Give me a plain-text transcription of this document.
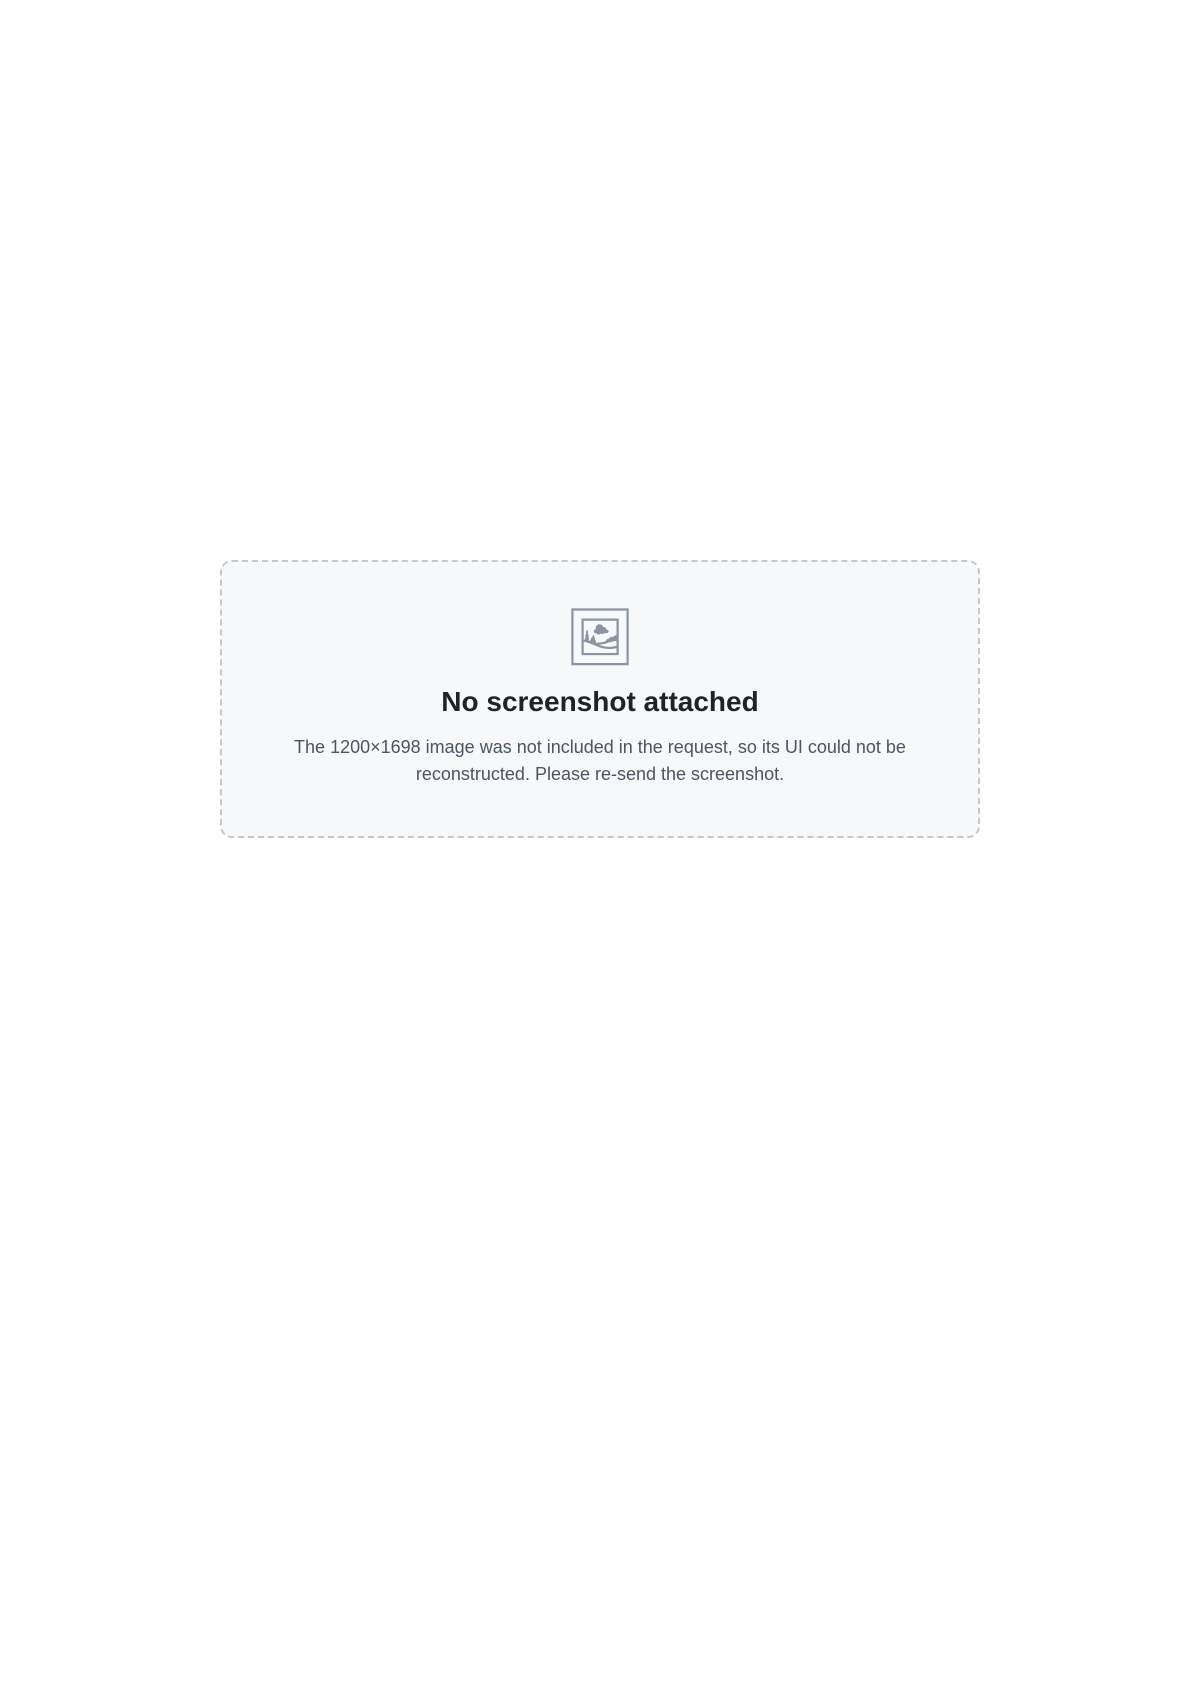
🖼
No screenshot attached
The 1200×1698 image was not included in the request, so its UI could not be reconstructed. Please re-send the screenshot.
